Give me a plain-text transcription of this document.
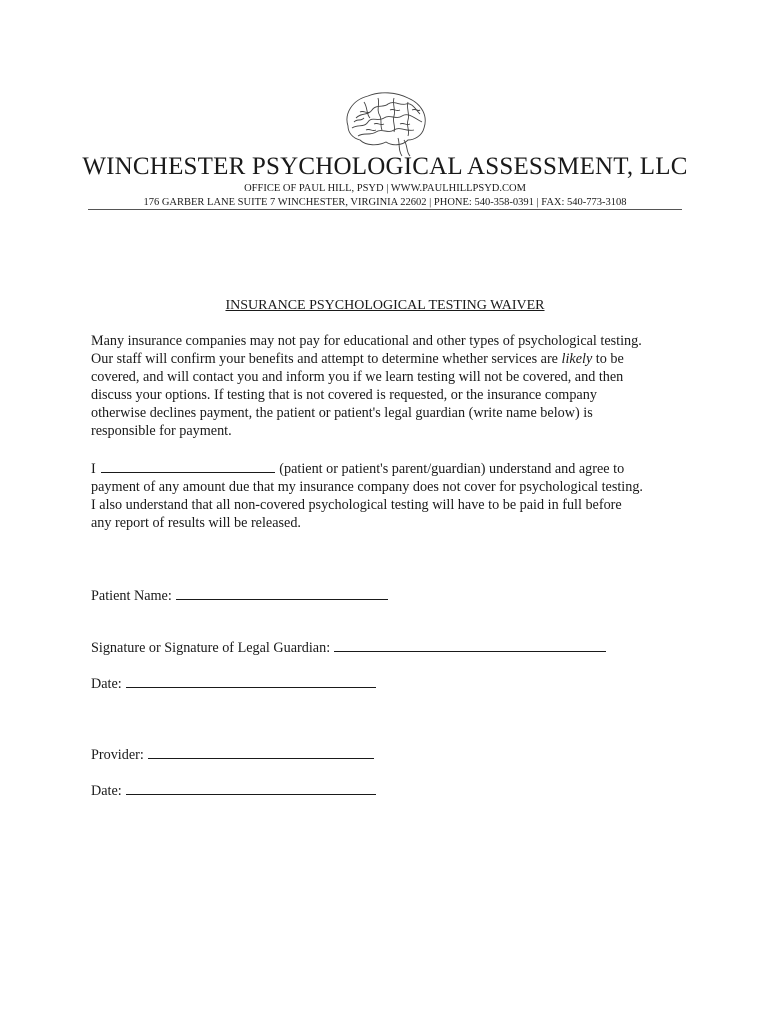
WINCHESTER PSYCHOLOGICAL ASSESSMENT, LLC
OFFICE OF PAUL HILL, PSYD | WWW.PAULHILLPSYD.COM
176 GARBER LANE SUITE 7 WINCHESTER, VIRGINIA 22602 | PHONE: 540-358-0391 | FAX: 540-773-3108
INSURANCE PSYCHOLOGICAL TESTING WAIVER
Many insurance companies may not pay for educational and other types of psychological testing.
Our staff will confirm your benefits and attempt to determine whether services are likely to be
covered, and will contact you and inform you if we learn testing will not be covered, and then
discuss your options. If testing that is not covered is requested, or the insurance company
otherwise declines payment, the patient or patient's legal guardian (write name below) is
responsible for payment.
I	(patient or patient's parent/guardian) understand and agree to
payment of any amount due that my insurance company does not cover for psychological testing.
I also understand that all non-covered psychological testing will have to be paid in full before
any report of results will be released.
Patient Name:
Signature or Signature of Legal Guardian:
Date:
Provider:
Date:
